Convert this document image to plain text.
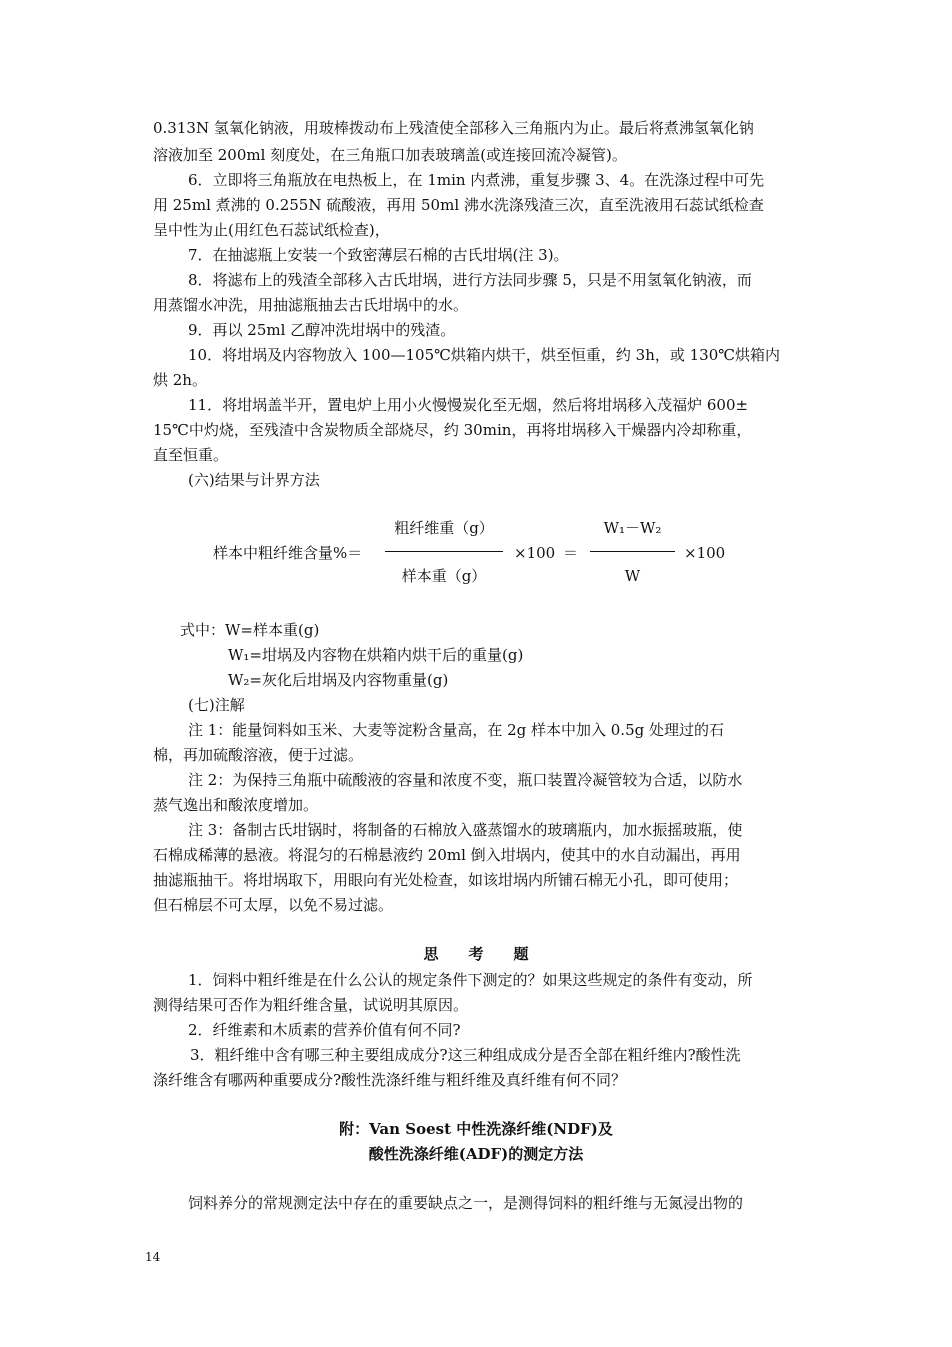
0.313N 氢氧化钠液，用玻棒拨动布上残渣使全部移入三角瓶内为止。最后将煮沸氢氧化钠
溶液加至 200ml 刻度处，在三角瓶口加表玻璃盖(或连接回流冷凝管)。
6．立即将三角瓶放在电热板上，在 1min 内煮沸，重复步骤 3、4。在洗涤过程中可先
用 25ml 煮沸的 0.255N 硫酸液，再用 50ml 沸水洗涤残渣三次，直至洗液用石蕊试纸检查
呈中性为止(用红色石蕊试纸检查)，
7．在抽滤瓶上安装一个致密薄层石棉的古氏坩埚(注 3)。
8．将滤布上的残渣全部移入古氏坩埚，进行方法同步骤 5，只是不用氢氧化钠液，而
用蒸馏水冲洗，用抽滤瓶抽去古氏坩埚中的水。
9．再以 25ml 乙醇冲洗坩埚中的残渣。
10．将坩埚及内容物放入 100—105℃烘箱内烘干，烘至恒重，约 3h，或 130℃烘箱内
烘 2h。
11．将坩埚盖半开，置电炉上用小火慢慢炭化至无烟，然后将坩埚移入茂福炉 600±
15℃中灼烧，至残渣中含炭物质全部烧尽，约 30min，再将坩埚移入干燥器内冷却称重，
直至恒重。
(六)结果与计界方法
样本中粗纤维含量%＝
粗纤维重（g）
样本重（g）
×100 ＝
W₁－W₂
W
×100
式中：W=样本重(g)
W₁=坩埚及内容物在烘箱内烘干后的重量(g)
W₂=灰化后坩埚及内容物重量(g)
(七)注解
注 1：能量饲料如玉米、大麦等淀粉含量高，在 2g 样本中加入 0.5g 处理过的石
棉，再加硫酸溶液，便于过滤。
注 2：为保持三角瓶中硫酸液的容量和浓度不变，瓶口装置冷凝管较为合适，以防水
蒸气逸出和酸浓度增加。
注 3：备制古氏坩锅时，将制备的石棉放入盛蒸馏水的玻璃瓶内，加水振摇玻瓶，使
石棉成稀薄的悬液。将混匀的石棉悬液约 20ml 倒入坩埚内，使其中的水自动漏出，再用
抽滤瓶抽干。将坩埚取下，用眼向有光处检查，如该坩埚内所铺石棉无小孔，即可使用；
但石棉层不可太厚，以免不易过滤。
思考题
1．饲料中粗纤维是在什么公认的规定条件下测定的？如果这些规定的条件有变动，所
测得结果可否作为粗纤维含量，试说明其原因。
2．纤维素和木质素的营养价值有何不同?
3．粗纤维中含有哪三种主要组成成分?这三种组成成分是否全部在粗纤维内?酸性洗
涤纤维含有哪两种重要成分?酸性洗涤纤维与粗纤维及真纤维有何不同？
附：Van Soest 中性洗涤纤维(NDF)及
酸性洗涤纤维(ADF)的测定方法
饲料养分的常规测定法中存在的重要缺点之一，是测得饲料的粗纤维与无氮浸出物的
14
